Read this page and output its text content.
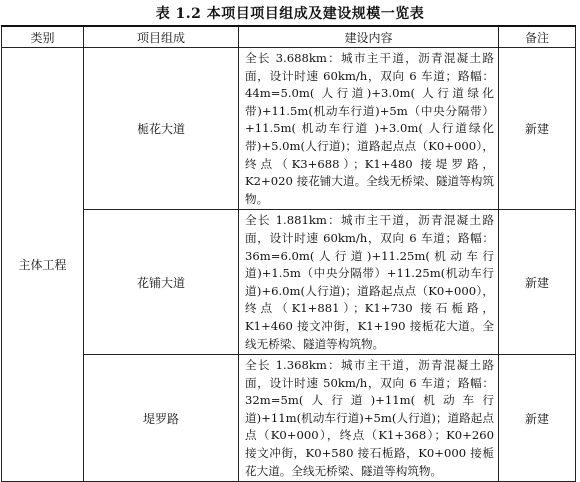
表 1.2 本项目项目组成及建设规模一览表
类别	项目组成	建设内容	备注
主体工程	栀花大道	全长 3.688km：城市主干道，沥青混凝土路面，设计时速 60km/h，双向 6 车道；路幅：44m=5.0m( 人行道)+3.0m( 人行道绿化带)+11.5m(机动车行道)+5m（中央分隔带）+11.5m( 机动车行道 )+3.0m( 人行道绿化带)+5.0m(人行道)；道路起点点（K0+000），终点（K3+688）；K1+480 接堤罗路，K2+020 接花铺大道。全线无桥梁、隧道等构筑物。	新建
	花铺大道	全长 1.881km：城市主干道，沥青混凝土路面，设计时速 60km/h，双向 6 车道；路幅：36m=6.0m(人行道)+11.25m(机动车行道)+1.5m（中央分隔带）+11.25m(机动车行道)+6.0m(人行道)；道路起点点（K0+000），终点（K1+881）；K1+730 接石栀路，K1+460 接文冲街，K1+190 接栀花大道。全线无桥梁、隧道等构筑物。	新建
	堤罗路	全长 1.368km：城市主干道，沥青混凝土路面，设计时速 50km/h，双向 6 车道；路幅：32m=5m(人行道)+11m(机动车行道)+11m(机动车行道)+5m(人行道)；道路起点点（K0+000），终点（K1+368）；K0+260 接文冲街，K0+580 接石栀路，K0+000 接栀花大道。全线无桥梁、隧道等构筑物。	新建
